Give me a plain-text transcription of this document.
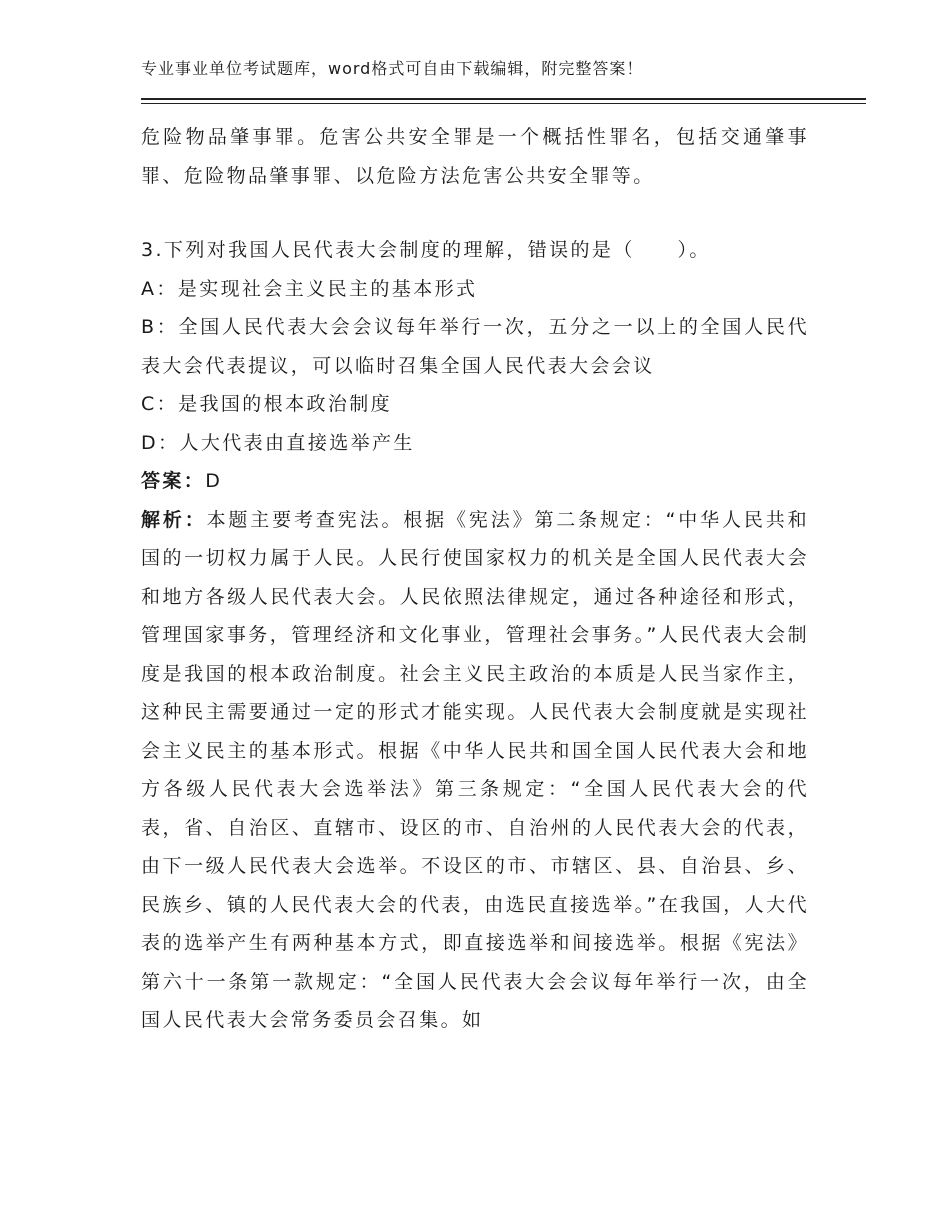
专业事业单位考试题库，word格式可自由下载编辑，附完整答案！

危险物品肇事罪。危害公共安全罪是一个概括性罪名，包括交通肇事罪、危险物品肇事罪、以危险方法危害公共安全罪等。

3.下列对我国人民代表大会制度的理解，错误的是（　　）。

A：是实现社会主义民主的基本形式

B：全国人民代表大会会议每年举行一次，五分之一以上的全国人民代表大会代表提议，可以临时召集全国人民代表大会会议

C：是我国的根本政治制度

D：人大代表由直接选举产生

答案：D

解析：本题主要考查宪法。根据《宪法》第二条规定：“中华人民共和国的一切权力属于人民。人民行使国家权力的机关是全国人民代表大会和地方各级人民代表大会。人民依照法律规定，通过各种途径和形式，管理国家事务，管理经济和文化事业，管理社会事务。”人民代表大会制度是我国的根本政治制度。社会主义民主政治的本质是人民当家作主，这种民主需要通过一定的形式才能实现。人民代表大会制度就是实现社会主义民主的基本形式。根据《中华人民共和国全国人民代表大会和地方各级人民代表大会选举法》第三条规定：“全国人民代表大会的代表，省、自治区、直辖市、设区的市、自治州的人民代表大会的代表，由下一级人民代表大会选举。不设区的市、市辖区、县、自治县、乡、民族乡、镇的人民代表大会的代表，由选民直接选举。”在我国，人大代表的选举产生有两种基本方式，即直接选举和间接选举。根据《宪法》第六十一条第一款规定：“全国人民代表大会会议每年举行一次，由全国人民代表大会常务委员会召集。如
